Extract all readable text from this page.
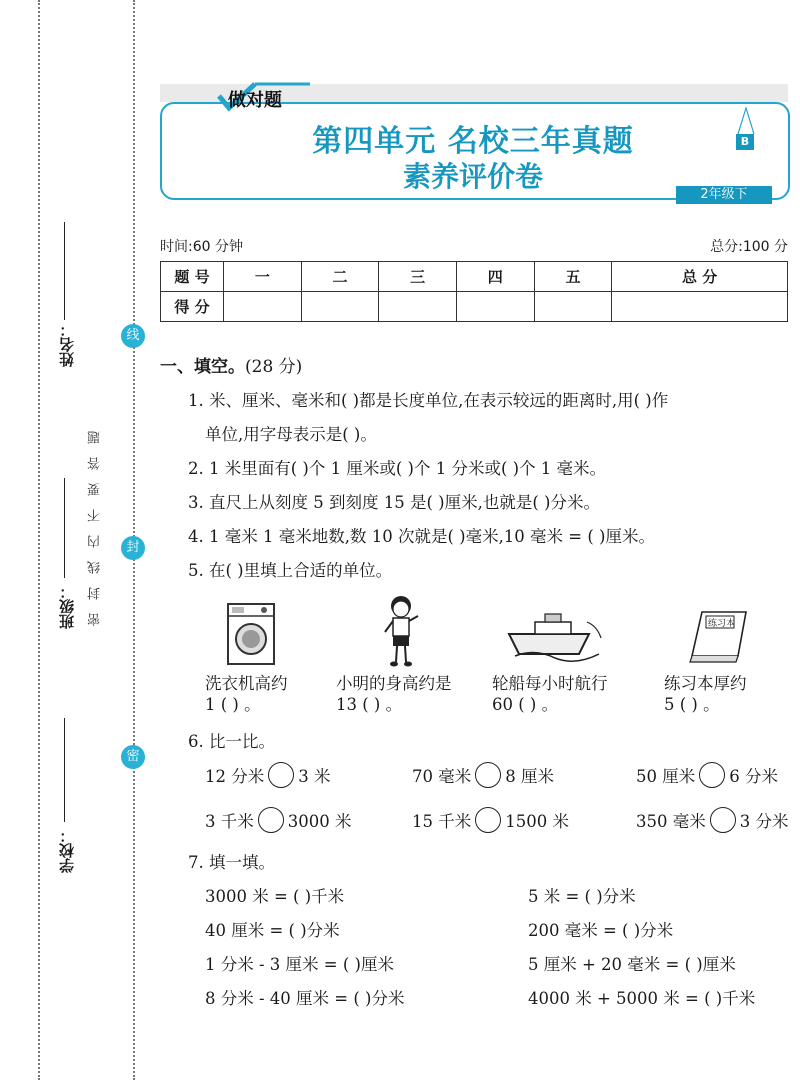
姓名：
班级：
学校：
密封线内不要答题
线
封
密
做对题
第四单元 名校三年真题
素养评价卷
B
2年级下
时间:60 分钟	总分:100 分
题 号	一	二	三	四	五	总 分
得 分						
一、填空。(28 分)
1. 米、厘米、毫米和( )都是长度单位,在表示较远的距离时,用( )作
单位,用字母表示是( )。
2. 1 米里面有( )个 1 厘米或( )个 1 分米或( )个 1 毫米。
3. 直尺上从刻度 5 到刻度 15 是( )厘米,也就是( )分米。
4. 1 毫米 1 毫米地数,数 10 次就是( )毫米,10 毫米 = ( )厘米。
5. 在( )里填上合适的单位。
练习本
洗衣机高约
1 ( ) 。
小明的身高约是
13 ( ) 。
轮船每小时航行
60 ( ) 。
练习本厚约
5 ( ) 。
6. 比一比。
12 分米 3 米	70 毫米 8 厘米	50 厘米 6 分米
3 千米 3000 米	15 千米 1500 米	350 毫米 3 分米
7. 填一填。
3000 米 = ( )千米	5 米 = ( )分米
40 厘米 = ( )分米	200 毫米 = ( )分米
1 分米 - 3 厘米 = ( )厘米	5 厘米 + 20 毫米 = ( )厘米
8 分米 - 40 厘米 = ( )分米	4000 米 + 5000 米 = ( )千米
